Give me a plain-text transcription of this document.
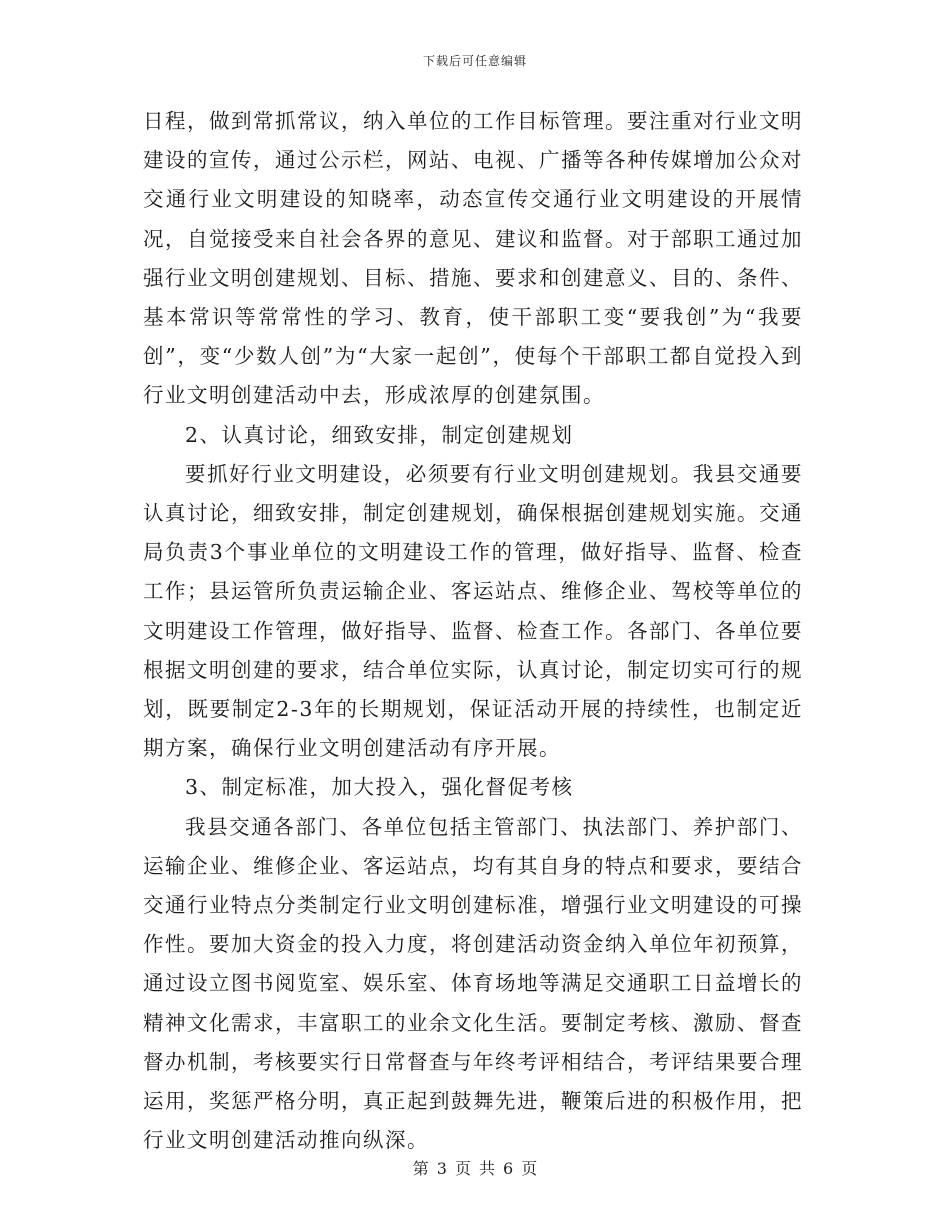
下载后可任意编辑

日程，做到常抓常议，纳入单位的工作目标管理。要注重对行业文明建设的宣传，通过公示栏，网站、电视、广播等各种传媒增加公众对交通行业文明建设的知晓率，动态宣传交通行业文明建设的开展情况，自觉接受来自社会各界的意见、建议和监督。对于部职工通过加强行业文明创建规划、目标、措施、要求和创建意义、目的、条件、基本常识等常常性的学习、教育，使干部职工变“要我创”为“我要创”，变“少数人创”为“大家一起创”，使每个干部职工都自觉投入到行业文明创建活动中去，形成浓厚的创建氛围。

2、认真讨论，细致安排，制定创建规划

要抓好行业文明建设，必须要有行业文明创建规划。我县交通要认真讨论，细致安排，制定创建规划，确保根据创建规划实施。交通局负责3个事业单位的文明建设工作的管理，做好指导、监督、检查工作；县运管所负责运输企业、客运站点、维修企业、驾校等单位的文明建设工作管理，做好指导、监督、检查工作。各部门、各单位要根据文明创建的要求，结合单位实际，认真讨论，制定切实可行的规划，既要制定2-3年的长期规划，保证活动开展的持续性，也制定近期方案，确保行业文明创建活动有序开展。

3、制定标准，加大投入，强化督促考核

我县交通各部门、各单位包括主管部门、执法部门、养护部门、运输企业、维修企业、客运站点，均有其自身的特点和要求，要结合交通行业特点分类制定行业文明创建标准，增强行业文明建设的可操作性。要加大资金的投入力度，将创建活动资金纳入单位年初预算，通过设立图书阅览室、娱乐室、体育场地等满足交通职工日益增长的精神文化需求，丰富职工的业余文化生活。要制定考核、激励、督查督办机制，考核要实行日常督查与年终考评相结合，考评结果要合理运用，奖惩严格分明，真正起到鼓舞先进，鞭策后进的积极作用，把行业文明创建活动推向纵深。

第 3 页 共 6 页
